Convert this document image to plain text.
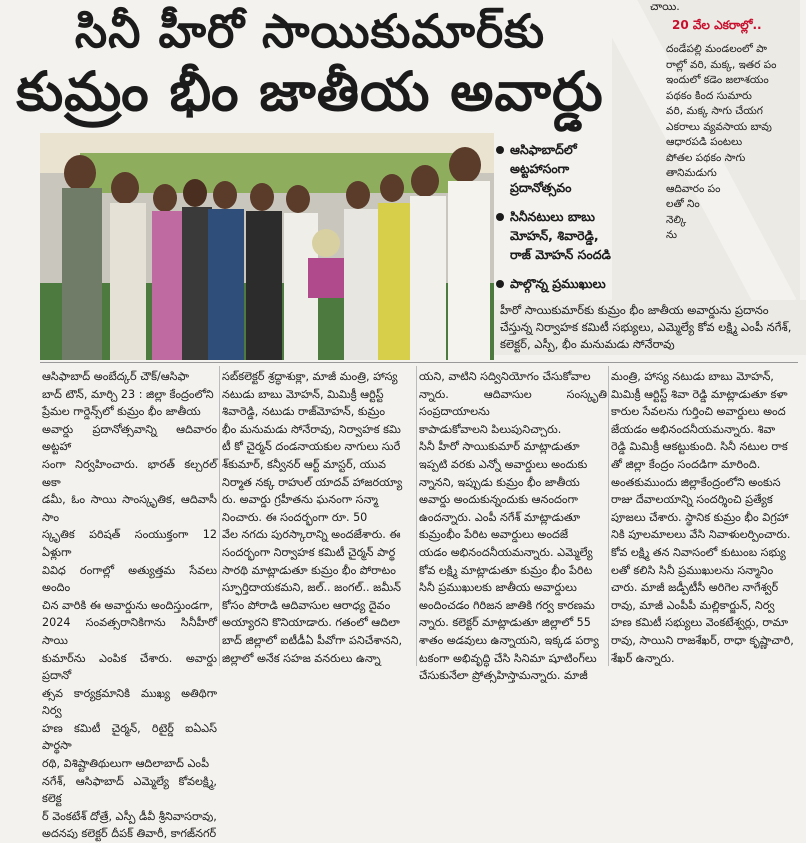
సినీ హీరో సాయికుమార్‌కు
కుమ్రం భీం జాతీయ అవార్డు
చాయి.
20 వేల ఎకరాల్లో..
దండేపల్లి మండలంలో పా
రాల్లో వరి, మక్క, ఇతర పం
ఇందులో కడెం జలాశయం
పథకం కింద సుమారు
వరి, మక్క సాగు చేయగ
ఎకరాలు వ్యవసాయ బావు
ఆధారపడి పంటలు
పోతల పథకం సాగు
తానిమడుగు
ఆదివారం పం
లతో నిం
నెల్కి
ను
ఆసిఫాబాద్‌లో అట్టహాసంగా ప్రదానోత్సవం
సినీనటులు బాబు మోహన్, శివారెడ్డి, రాజ్ మోహన్ సందడి
పాల్గొన్న ప్రముఖులు
హీరో సాయికుమార్‌కు కుమ్రం భీం జాతీయ అవార్డును ప్రదానం చేస్తున్న నిర్వాహక కమిటీ సభ్యులు, ఎమ్మెల్యే కోవ లక్ష్మి ఎంపీ నగేశ్, కలెక్టర్, ఎస్పీ, భీం మనుమడు సోనేరావు
ఆసిఫాబాద్ అంబేద్కర్ చౌక్/ఆసిఫా
బాద్ టౌన్, మార్చి 23 : జిల్లా కేంద్రంలోని
ప్రేమల గార్డెన్స్‌లో కుమ్రం భీం జాతీయ
అవార్డు ప్రదానోత్సవాన్ని ఆదివారం అట్టహా
సంగా నిర్వహించారు. భారత్ కల్చరల్ అకా
డమీ, ఓం సాయి సాంస్కృతిక, ఆదివాసీ సాం
స్కృతిక పరిషత్ సంయుక్తంగా 12 ఏళ్లుగా
వివిధ రంగాల్లో అత్యుత్తమ సేవలు అందిం
చిన వారికి ఈ అవార్డును అందిస్తుండగా,
2024 సంవత్సరానికిగాను సినీహీరో సాయి
కుమార్‌ను ఎంపిక చేశారు. అవార్డు ప్రదానో
త్సవ కార్యక్రమానికి ముఖ్య అతిథిగా నిర్వ
హణ కమిటీ చైర్మన్, రిటైర్డ్ ఐఏఎస్ పార్థసా
రథి, విశిష్టాతిథులుగా ఆదిలాబాద్ ఎంపీ
నగేశ్, ఆసిఫాబాద్ ఎమ్మెల్యే కోవలక్ష్మి, కలెక్ట
ర్ వెంకటేశ్ దోత్రే, ఎస్పీ డీవీ శ్రీనివాసరావు,
అదనపు కలెక్టర్ దీపక్ తివారీ, కాగజ్‌నగర్
సబ్‌కలెక్టర్ శ్రద్ధాశుక్లా, మాజీ మంత్రి, హాస్య
నటుడు బాబు మోహన్, మిమిక్రీ ఆర్టిస్ట్
శివారెడ్డి, నటుడు రాజ్‌మోహన్, కుమ్రం
భీం మనుమడు సోనేరావు, నిర్వాహక కమి
టీ కో చైర్మన్ దండనాయకుల నాగులు సురే
శ్‌కుమార్, కన్వీనర్ ఆర్ట్ మాస్టర్, యువ
నిర్మాత నక్క రాహుల్ యాదవ్ హాజరయ్యా
రు. అవార్డు గ్రహీతను ఘనంగా సన్మా
నించారు. ఈ సందర్భంగా రూ. 50
వేల నగదు పురస్కారాన్ని అందజేశారు. ఈ
సందర్భంగా నిర్వాహక కమిటీ చైర్మన్ పార్థ
సారథి మాట్లాడుతూ కుమ్రం భీం పోరాటం
స్ఫూర్తిదాయకమని, జల్.. జంగల్.. జమీన్
కోసం పోరాడి ఆదివాసుల ఆరాధ్య దైవం
అయ్యారని కొనియాడారు. గతంలో ఆదిలా
బాద్ జిల్లాలో ఐటీడీఏ పీవోగా పనిచేశానని,
జిల్లాలో అనేక సహజ వనరులు ఉన్నా
యని, వాటిని సద్వినియోగం చేసుకోవాల
న్నారు. ఆదివాసుల సంస్కృతి సంప్రదాయాలను
కాపాడుకోవాలని పిలుపునిచ్చారు.
సినీ హీరో సాయికుమార్ మాట్లాడుతూ
ఇప్పటి వరకు ఎన్నో అవార్డులు అందుకు
న్నానని, ఇప్పుడు కుమ్రం భీం జాతీయ
అవార్డు అందుకున్నందుకు ఆనందంగా
ఉందన్నారు. ఎంపీ నగేశ్ మాట్లాడుతూ
కుమ్రంభీం పేరిట అవార్డులు అందజే
యడం అభినందనీయమన్నారు. ఎమ్మెల్యే
కోవ లక్ష్మి మాట్లాడుతూ కుమ్రం భీం పేరిట
సినీ ప్రముఖులకు జాతీయ అవార్డులు
అందించడం గిరిజన జాతికి గర్వ కారణమ
న్నారు. కలెక్టర్ మాట్లాడుతూ జిల్లాలో 55
శాతం అడవులు ఉన్నాయని, ఇక్కడ పర్యా
టకంగా అభివృద్ధి చేసి సినిమా షూటింగ్‌లు
చేసుకునేలా ప్రోత్సహిస్తామన్నారు. మాజీ
మంత్రి, హాస్య నటుడు బాబు మోహన్,
మిమిక్రీ ఆర్టిస్ట్ శివా రెడ్డి మాట్లాడుతూ కళా
కారుల సేవలను గుర్తించి అవార్డులు అంద
జేయడం అభినందనీయమన్నారు. శివా
రెడ్డి మిమిక్రీ ఆకట్టుకుంది. సినీ నటుల రాక
తో జిల్లా కేంద్రం సందడిగా మారింది.
అంతకుముందు జిల్లాకేంద్రంలోని అంకుస
రాజు దేవాలయాన్ని సందర్శించి ప్రత్యేక
పూజలు చేశారు. స్థానిక కుమ్రం భీం విగ్రహా
నికి పూలమాలలు వేసి నివాళులర్పించారు.
కోవ లక్ష్మి తన నివాసంలో కుటుంబ సభ్యు
లతో కలిసి సినీ ప్రముఖులను సన్మానిం
చారు. మాజీ జడ్పీటీసీ అరిగెల నాగేశ్వర్
రావు, మాజీ ఎంపీపీ మల్లికార్జున్, నిర్వ
హణ కమిటీ సభ్యులు వెంకటేశ్వర్లు, రామా
రావు, సాయిని రాజశేఖర్, రాధా కృష్ణాచారి,
శేఖర్ ఉన్నారు.
